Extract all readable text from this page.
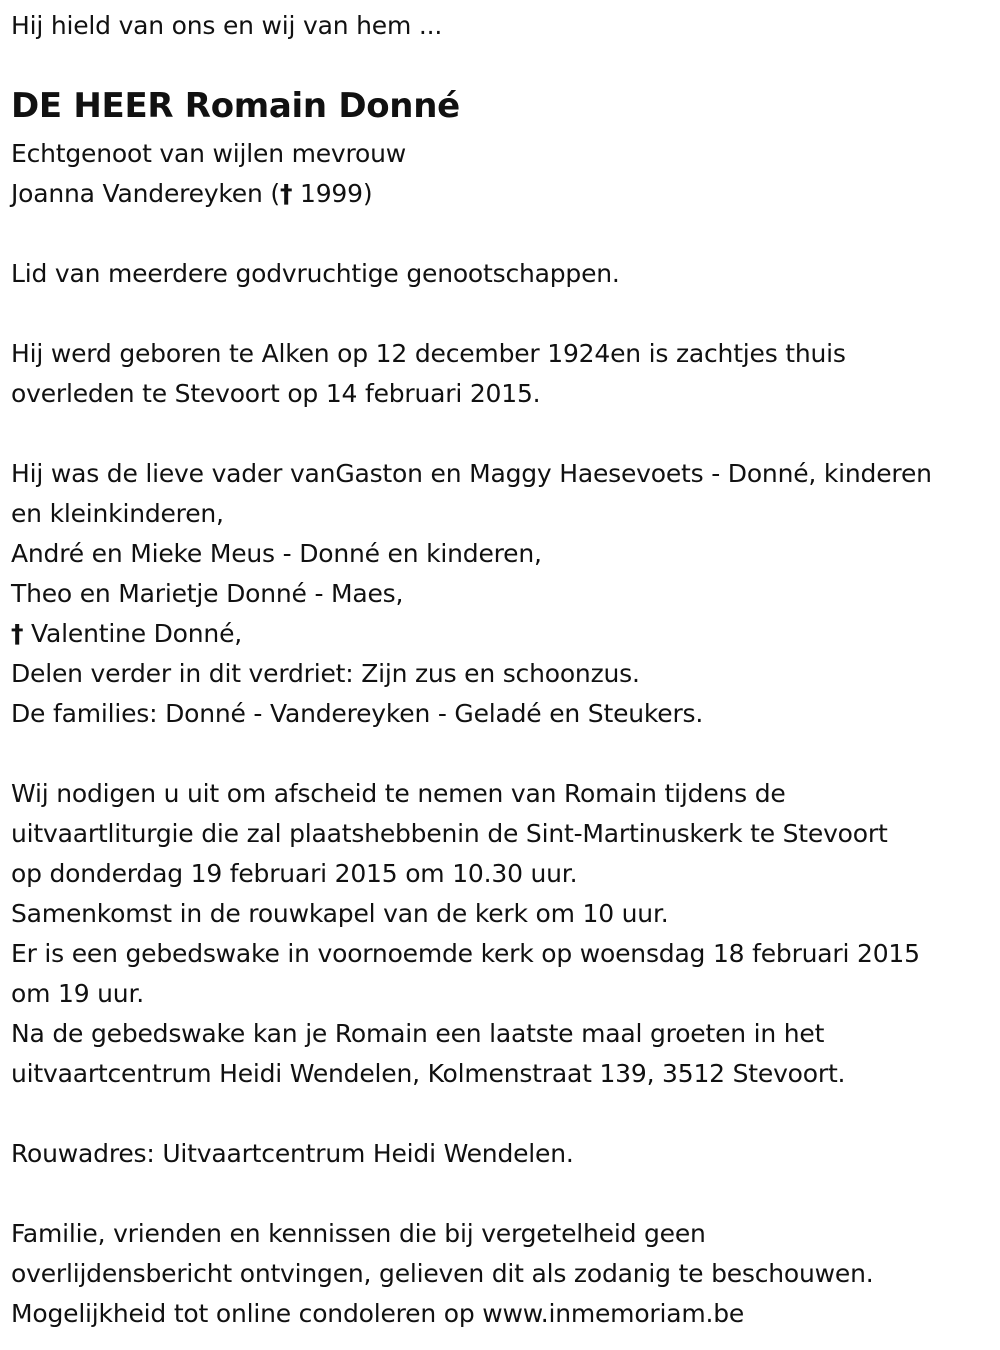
Hij hield van ons en wij van hem ...
DE HEER Romain Donné
Echtgenoot van wijlen mevrouw
Joanna Vandereyken († 1999)
Lid van meerdere godvruchtige genootschappen.
Hij werd geboren te Alken op 12 december 1924en is zachtjes thuis
overleden te Stevoort op 14 februari 2015.
Hij was de lieve vader vanGaston en Maggy Haesevoets - Donné, kinderen
en kleinkinderen,
André en Mieke Meus - Donné en kinderen,
Theo en Marietje Donné - Maes,
† Valentine Donné,
Delen verder in dit verdriet: Zijn zus en schoonzus.
De families: Donné - Vandereyken - Geladé en Steukers.
Wij nodigen u uit om afscheid te nemen van Romain tijdens de
uitvaartliturgie die zal plaatshebbenin de Sint-Martinuskerk te Stevoort
op donderdag 19 februari 2015 om 10.30 uur.
Samenkomst in de rouwkapel van de kerk om 10 uur.
Er is een gebedswake in voornoemde kerk op woensdag 18 februari 2015
om 19 uur.
Na de gebedswake kan je Romain een laatste maal groeten in het
uitvaartcentrum Heidi Wendelen, Kolmenstraat 139, 3512 Stevoort.
Rouwadres: Uitvaartcentrum Heidi Wendelen.
Familie, vrienden en kennissen die bij vergetelheid geen
overlijdensbericht ontvingen, gelieven dit als zodanig te beschouwen.
Mogelijkheid tot online condoleren op www.inmemoriam.be
